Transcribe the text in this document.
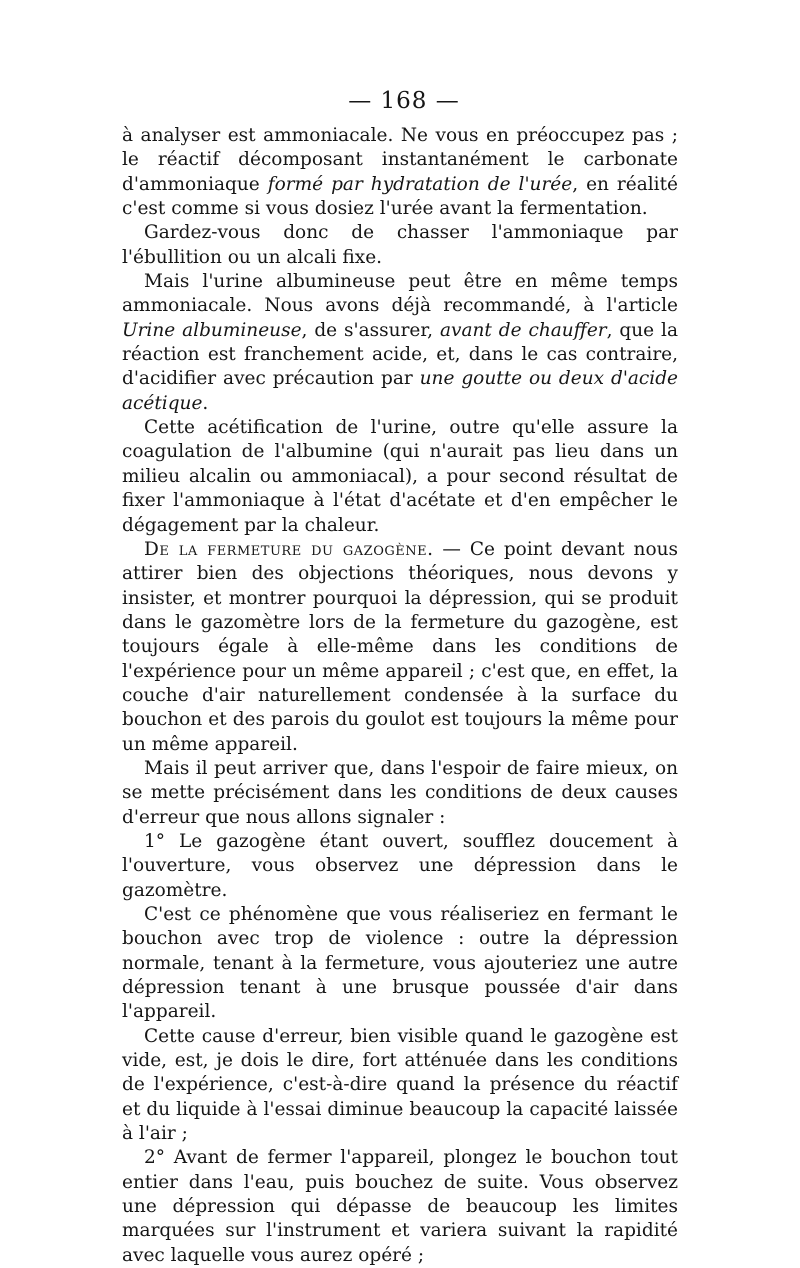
— 168 —

à analyser est ammoniacale. Ne vous en préoccupez pas ; le réactif décomposant instantanément le carbonate d'ammoniaque formé par hydratation de l'urée, en réalité c'est comme si vous dosiez l'urée avant la fermentation.

Gardez-vous donc de chasser l'ammoniaque par l'ébullition ou un alcali fixe.

Mais l'urine albumineuse peut être en même temps ammoniacale. Nous avons déjà recommandé, à l'article Urine albumineuse, de s'assurer, avant de chauffer, que la réaction est franchement acide, et, dans le cas contraire, d'acidifier avec précaution par une goutte ou deux d'acide acétique.

Cette acétification de l'urine, outre qu'elle assure la coagulation de l'albumine (qui n'aurait pas lieu dans un milieu alcalin ou ammoniacal), a pour second résultat de fixer l'ammoniaque à l'état d'acétate et d'en empêcher le dégagement par la chaleur.

De la fermeture du gazogène. — Ce point devant nous attirer bien des objections théoriques, nous devons y insister, et montrer pourquoi la dépression, qui se produit dans le gazomètre lors de la fermeture du gazogène, est toujours égale à elle-même dans les conditions de l'expérience pour un même appareil ; c'est que, en effet, la couche d'air naturellement condensée à la surface du bouchon et des parois du goulot est toujours la même pour un même appareil.

Mais il peut arriver que, dans l'espoir de faire mieux, on se mette précisément dans les conditions de deux causes d'erreur que nous allons signaler :

1° Le gazogène étant ouvert, soufflez doucement à l'ouverture, vous observez une dépression dans le gazomètre.

C'est ce phénomène que vous réaliseriez en fermant le bouchon avec trop de violence : outre la dépression normale, tenant à la fermeture, vous ajouteriez une autre dépression tenant à une brusque poussée d'air dans l'appareil.

Cette cause d'erreur, bien visible quand le gazogène est vide, est, je dois le dire, fort atténuée dans les conditions de l'expérience, c'est-à-dire quand la présence du réactif et du liquide à l'essai diminue beaucoup la capacité laissée à l'air ;

2° Avant de fermer l'appareil, plongez le bouchon tout entier dans l'eau, puis bouchez de suite. Vous observez une dépression qui dépasse de beaucoup les limites marquées sur l'instrument et variera suivant la rapidité avec laquelle vous aurez opéré ;
